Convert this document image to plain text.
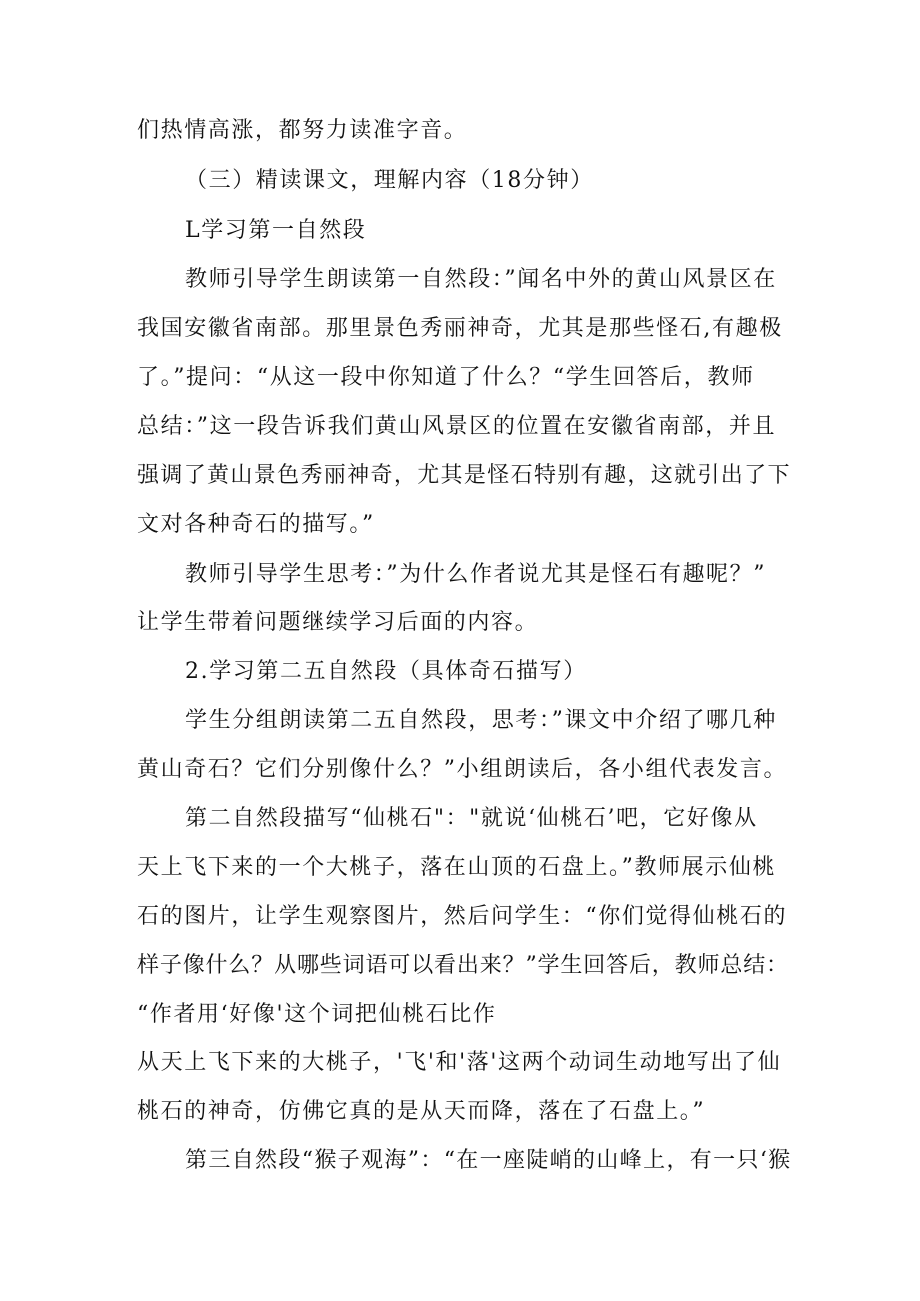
们热情高涨，都努力读准字音。
（三）精读课文，理解内容（18分钟）
L学习第一自然段
教师引导学生朗读第一自然段：”闻名中外的黄山风景区在
我国安徽省南部。那里景色秀丽神奇，尤其是那些怪石,有趣极
了。”提问：“从这一段中你知道了什么？“学生回答后，教师
总结：”这一段告诉我们黄山风景区的位置在安徽省南部，并且
强调了黄山景色秀丽神奇，尤其是怪石特别有趣，这就引出了下
文对各种奇石的描写。”
教师引导学生思考：”为什么作者说尤其是怪石有趣呢？”
让学生带着问题继续学习后面的内容。
2.学习第二五自然段（具体奇石描写）
学生分组朗读第二五自然段，思考：”课文中介绍了哪几种
黄山奇石？它们分别像什么？”小组朗读后，各小组代表发言。
第二自然段描写“仙桃石"："就说‘仙桃石’吧，它好像从
天上飞下来的一个大桃子，落在山顶的石盘上。”教师展示仙桃
石的图片，让学生观察图片，然后问学生：“你们觉得仙桃石的
样子像什么？从哪些词语可以看出来？”学生回答后，教师总结：
“作者用‘好像'这个词把仙桃石比作
从天上飞下来的大桃子，'飞'和'落'这两个动词生动地写出了仙
桃石的神奇，仿佛它真的是从天而降，落在了石盘上。”
第三自然段“猴子观海”：“在一座陡峭的山峰上，有一只‘猴
